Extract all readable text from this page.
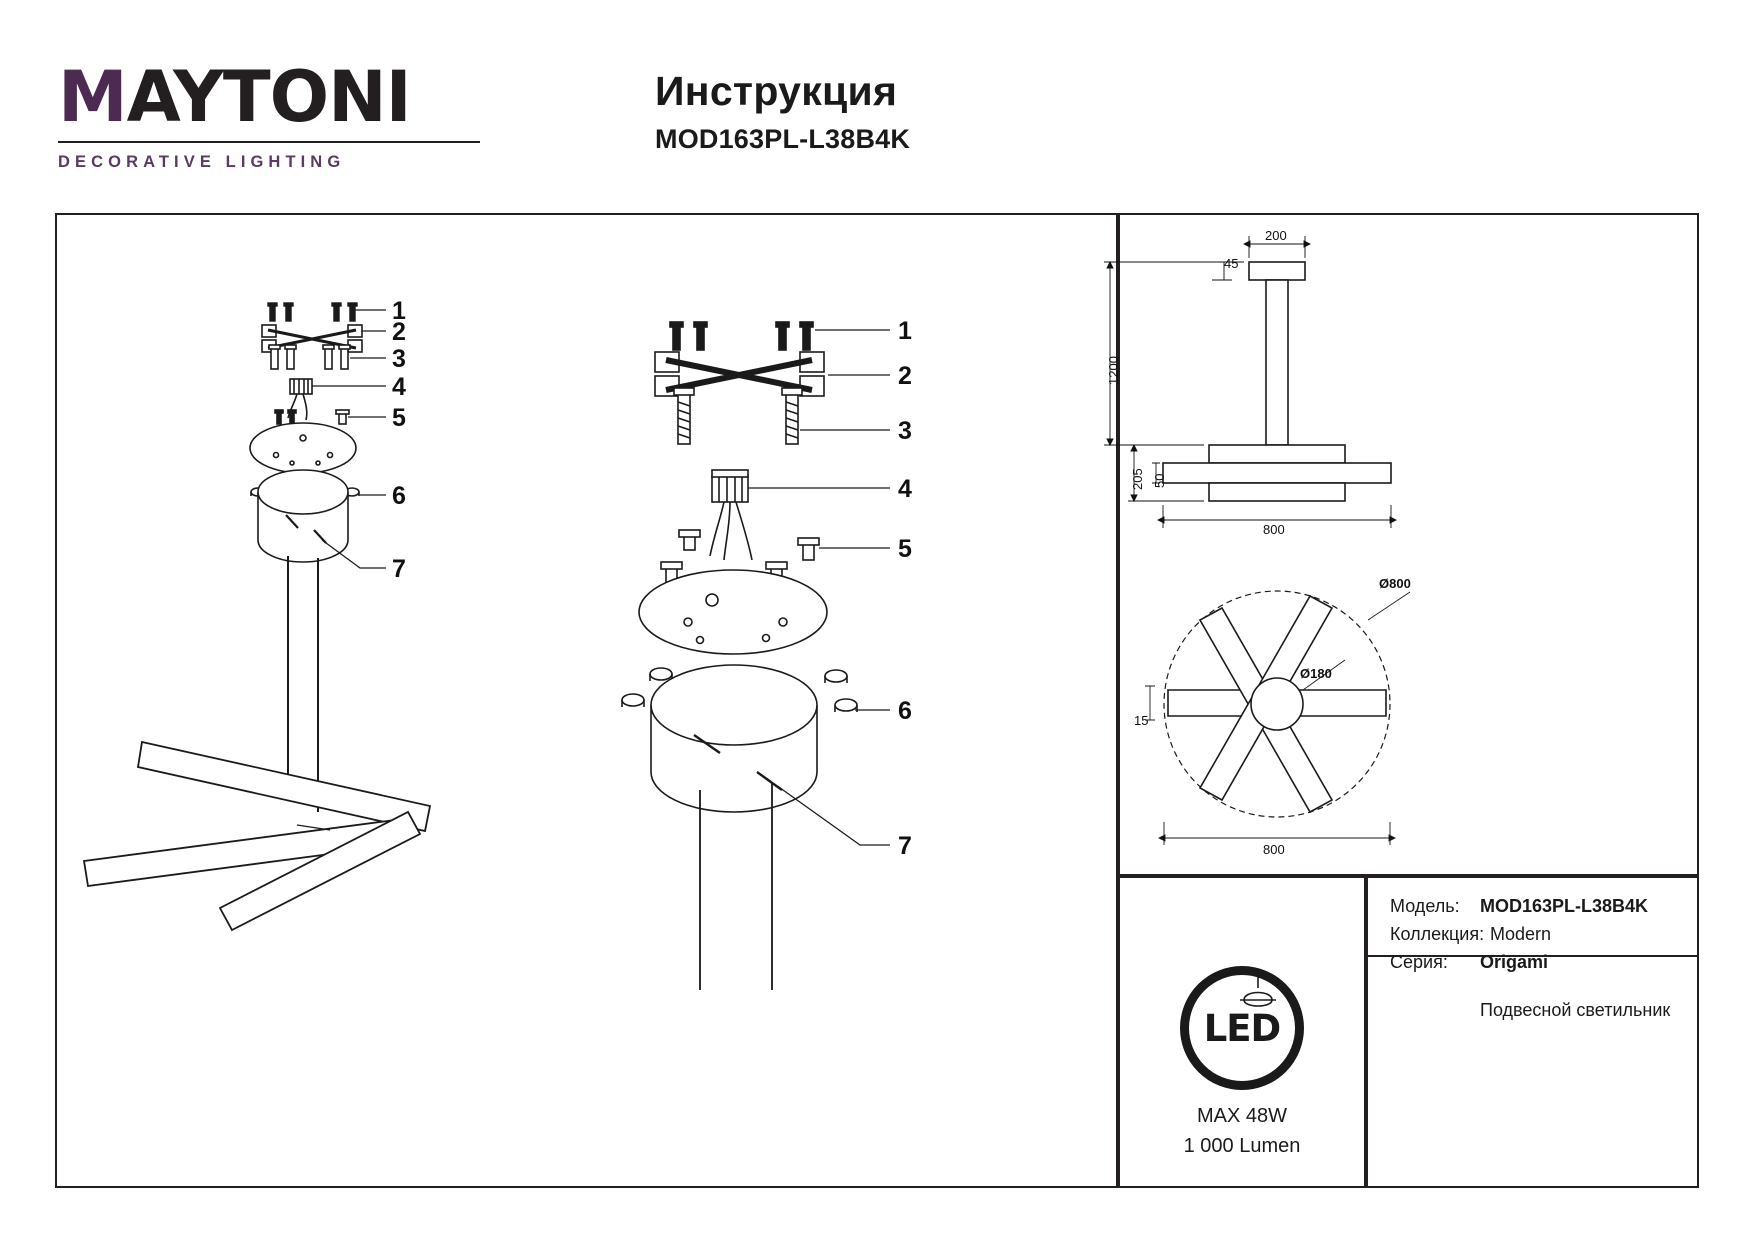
MAYTONI
DECORATIVE LIGHTING
Инструкция
MOD163PL-L38B4K
1
2
3
4
5
6
7
1
2
3
4
5
6
7
200
45
1200
205 50
800
Ø800
Ø180
15
800
LED
MAX 48W
1 000 Lumen
Модель: MOD163PL-L38B4K
Коллекция: Modern
Серия: Origami
Подвесной светильник
